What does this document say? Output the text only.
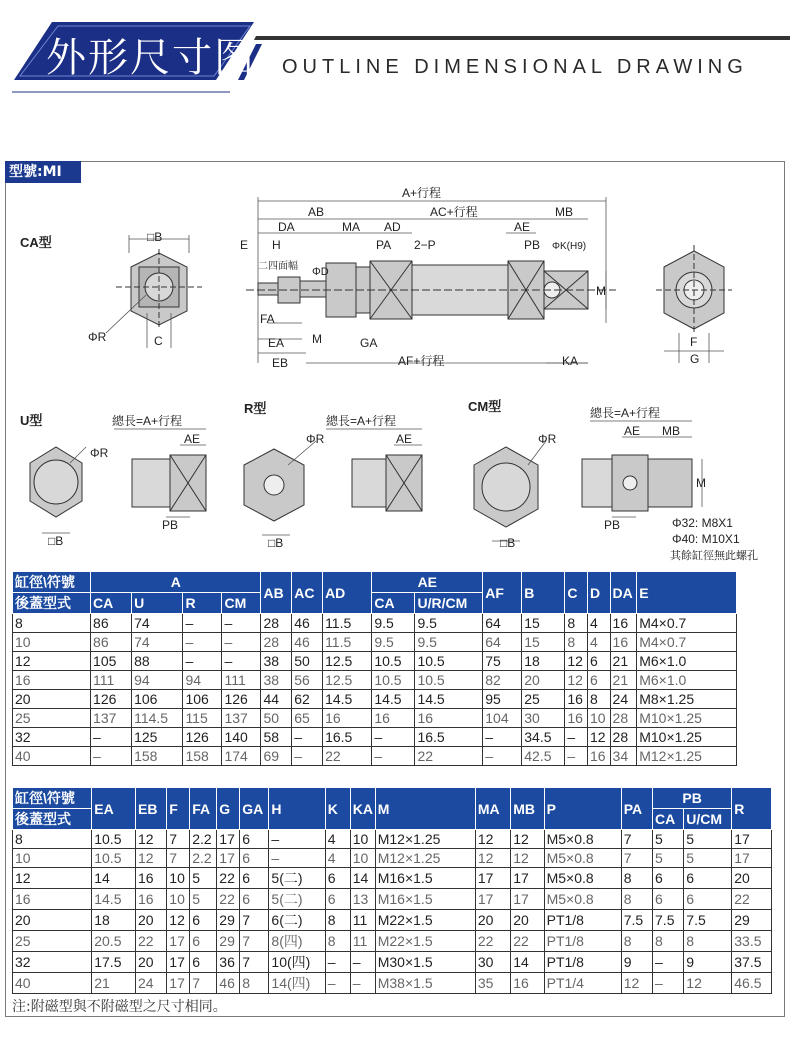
外形尺寸图 OUTLINE DIMENSIONAL DRAWING
型號:MI
CA型	□B
ΦR	C
A+行程
AB	AC+行程	MB
DA	MA AD	AE
E H
二四面幅 ΦD
PA 2−P	PB ΦK(H9)
M
FA
EA M	GA
EB	AF+行程	KA
F
G
U型
ΦR
□B
總長=A+行程
AE
PB
R型
ΦR
□B
總長=A+行程
AE
CM型
ΦR
□B
總長=A+行程
AE MB
M
PB	Φ32: M8X1
Φ40: M10X1
其餘缸徑無此螺孔
缸徑\符號	A				AB	AC	AD	AE		AF	B	C	D	DA	E
後蓋型式	CA	U	R	CM				CA	U/R/CM						
8	86	74	–	–	28	46	11.5	9.5	9.5	64	15	8	4	16	M4×0.7
10	86	74	–	–	28	46	11.5	9.5	9.5	64	15	8	4	16	M4×0.7
12	105	88	–	–	38	50	12.5	10.5	10.5	75	18	12	6	21	M6×1.0
16	111	94	94	111	38	56	12.5	10.5	10.5	82	20	12	6	21	M6×1.0
20	126	106	106	126	44	62	14.5	14.5	14.5	95	25	16	8	24	M8×1.25
25	137	114.5	115	137	50	65	16	16	16	104	30	16	10	28	M10×1.25
32	–	125	126	140	58	–	16.5	–	16.5	–	34.5	–	12	28	M10×1.25
40	–	158	158	174	69	–	22	–	22	–	42.5	–	16	34	M12×1.25
缸徑\符號	EA	EB	F	FA	G	GA	H	K	KA	M	MA	MB	P	PA	PB		R
後蓋型式															CA	U/CM	
8	10.5	12	7	2.2	17	6	–	4	10	M12×1.25	12	12	M5×0.8	7	5	5	17
10	10.5	12	7	2.2	17	6	–	4	10	M12×1.25	12	12	M5×0.8	7	5	5	17
12	14	16	10	5	22	6	5(二)	6	14	M16×1.5	17	17	M5×0.8	8	6	6	20
16	14.5	16	10	5	22	6	5(二)	6	13	M16×1.5	17	17	M5×0.8	8	6	6	22
20	18	20	12	6	29	7	6(二)	8	11	M22×1.5	20	20	PT1/8	7.5	7.5	7.5	29
25	20.5	22	17	6	29	7	8(四)	8	11	M22×1.5	22	22	PT1/8	8	8	8	33.5
32	17.5	20	17	6	36	7	10(四)	–	–	M30×1.5	30	14	PT1/8	9	–	9	37.5
40	21	24	17	7	46	8	14(四)	–	–	M38×1.5	35	16	PT1/4	12	–	12	46.5
注:附磁型與不附磁型之尺寸相同。
